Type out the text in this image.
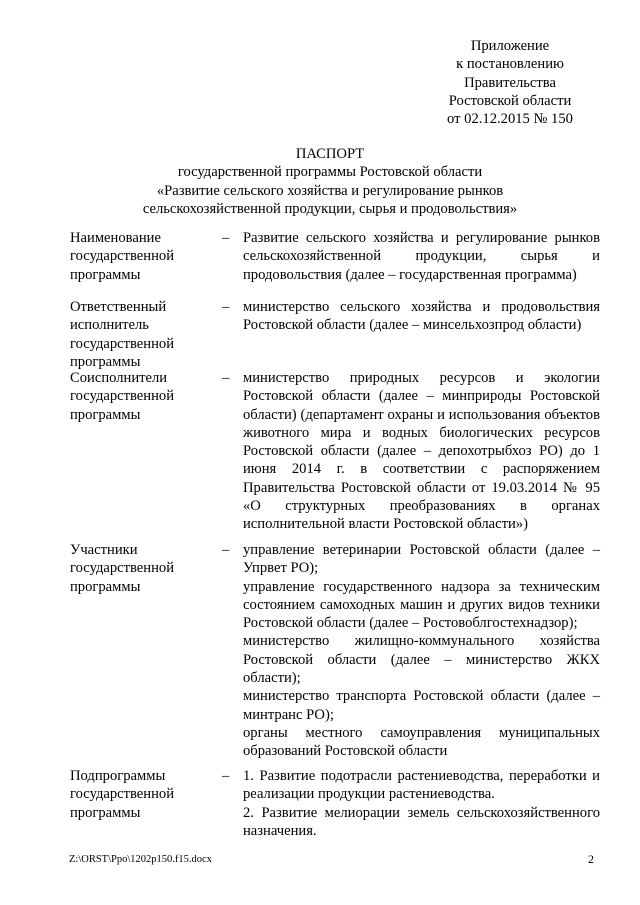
Приложение
к постановлению
Правительства
Ростовской области
от 02.12.2015 № 150
ПАСПОРТ
государственной программы Ростовской области
«Развитие сельского хозяйства и регулирование рынков
сельскохозяйственной продукции, сырья и продовольствия»
Наименование
государственной
программы
– Развитие сельского хозяйства и регулирование рынков сельскохозяйственной продукции, сырья и продовольствия (далее – государственная программа)
Ответственный
исполнитель
государственной
программы
– министерство сельского хозяйства и продовольствия Ростовской области (далее – минсельхозпрод области)
Соисполнители
государственной
программы
– министерство природных ресурсов и экологии Ростовской области (далее – минприроды Ростовской области) (департамент охраны и использования объектов животного мира и водных биологических ресурсов Ростовской области (далее – депохотрыбхоз РО) до 1 июня 2014 г. в соответствии с распоряжением Правительства Ростовской области от 19.03.2014 № 95 «О структурных преобразованиях в органах исполнительной власти Ростовской области»)
Участники
государственной
программы
– управление ветеринарии Ростовской области (далее – Упрвет РО);
управление государственного надзора за техническим состоянием самоходных машин и других видов техники Ростовской области (далее – Ростовоблгостехнадзор);
министерство жилищно-коммунального хозяйства Ростовской области (далее – министерство ЖКХ области);
министерство транспорта Ростовской области (далее – минтранс РО);
органы местного самоуправления муниципальных образований Ростовской области
Подпрограммы
государственной
программы
– 1. Развитие подотрасли растениеводства, переработки и реализации продукции растениеводства.
2. Развитие мелиорации земель сельскохозяйственного назначения.
Z:\ORST\Ppo\1202p150.f15.docx	2
